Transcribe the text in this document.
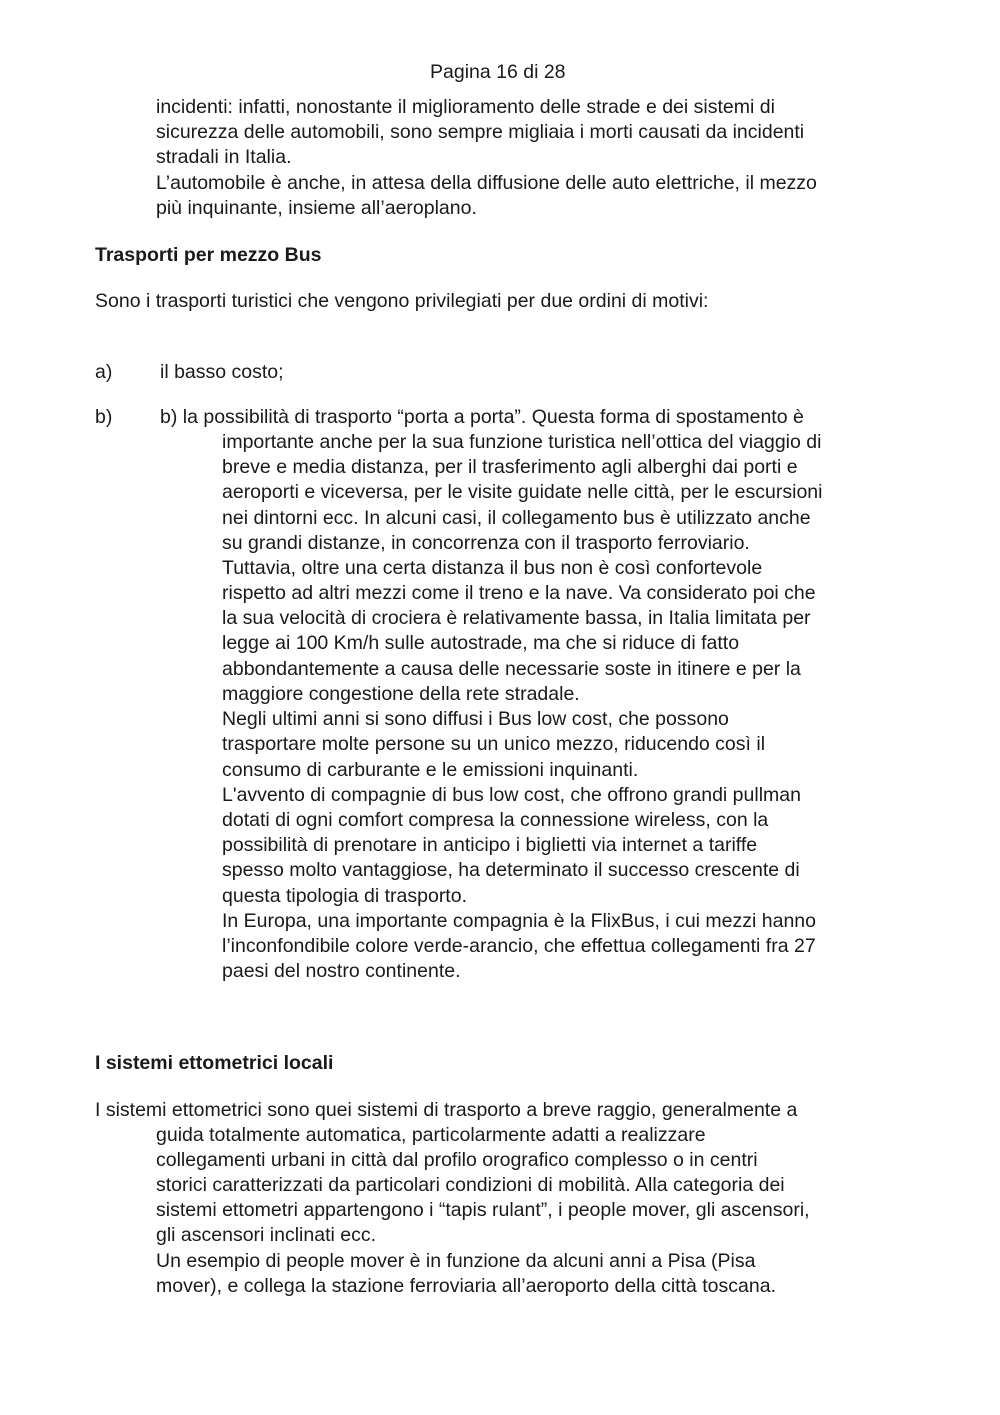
Pagina 16 di 28
incidenti: infatti, nonostante il miglioramento delle strade e dei sistemi di
sicurezza delle automobili, sono sempre migliaia i morti causati da incidenti
stradali in Italia.
L’automobile è anche, in attesa della diffusione delle auto elettriche, il mezzo
più inquinante, insieme all’aeroplano.
Trasporti per mezzo Bus
Sono i trasporti turistici che vengono privilegiati per due ordini di motivi:
a) il basso costo;
b) b) la possibilità di trasporto “porta a porta”. Questa forma di spostamento è
importante anche per la sua funzione turistica nell’ottica del viaggio di
breve e media distanza, per il trasferimento agli alberghi dai porti e
aeroporti e viceversa, per le visite guidate nelle città, per le escursioni
nei dintorni ecc. In alcuni casi, il collegamento bus è utilizzato anche
su grandi distanze, in concorrenza con il trasporto ferroviario.
Tuttavia, oltre una certa distanza il bus non è così confortevole
rispetto ad altri mezzi come il treno e la nave. Va considerato poi che
la sua velocità di crociera è relativamente bassa, in Italia limitata per
legge ai 100 Km/h sulle autostrade, ma che si riduce di fatto
abbondantemente a causa delle necessarie soste in itinere e per la
maggiore congestione della rete stradale.
Negli ultimi anni si sono diffusi i Bus low cost, che possono
trasportare molte persone su un unico mezzo, riducendo così il
consumo di carburante e le emissioni inquinanti.
L'avvento di compagnie di bus low cost, che offrono grandi pullman
dotati di ogni comfort compresa la connessione wireless, con la
possibilità di prenotare in anticipo i biglietti via internet a tariffe
spesso molto vantaggiose, ha determinato il successo crescente di
questa tipologia di trasporto.
In Europa, una importante compagnia è la FlixBus, i cui mezzi hanno
l’inconfondibile colore verde-arancio, che effettua collegamenti fra 27
paesi del nostro continente.
I sistemi ettometrici locali
I sistemi ettometrici sono quei sistemi di trasporto a breve raggio, generalmente a
guida totalmente automatica, particolarmente adatti a realizzare
collegamenti urbani in città dal profilo orografico complesso o in centri
storici caratterizzati da particolari condizioni di mobilità. Alla categoria dei
sistemi ettometri appartengono i “tapis rulant”, i people mover, gli ascensori,
gli ascensori inclinati ecc.
Un esempio di people mover è in funzione da alcuni anni a Pisa (Pisa
mover), e collega la stazione ferroviaria all’aeroporto della città toscana.
